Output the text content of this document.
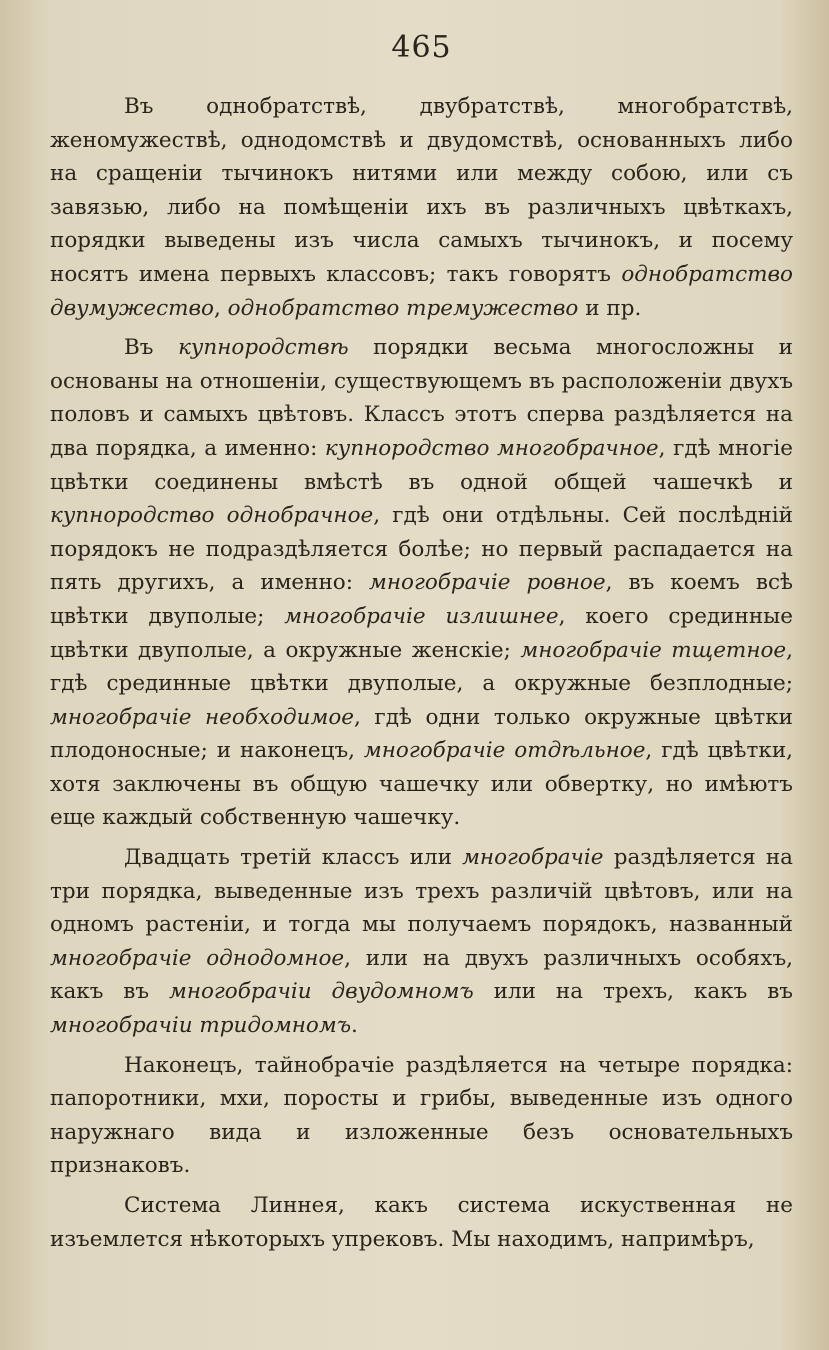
465

Въ однобратствѣ, двубратствѣ, многобратствѣ, женомужествѣ, однодомствѣ и двудомствѣ, основанныхъ либо на сращеніи тычинокъ нитями или между собою, или съ завязью, либо на помѣщеніи ихъ въ различныхъ цвѣткахъ, порядки выведены изъ числа самыхъ тычинокъ, и посему носятъ имена первыхъ классовъ; такъ говорятъ однобратство двумужество, однобратство тремужество и пр.

Въ купнородствѣ порядки весьма многосложны и основаны на отношеніи, существующемъ въ расположеніи двухъ половъ и самыхъ цвѣтовъ. Классъ этотъ сперва раздѣляется на два порядка, а именно: купнородство многобрачное, гдѣ многіе цвѣтки соединены вмѣстѣ въ одной общей чашечкѣ и купнородство однобрачное, гдѣ они отдѣльны. Сей послѣдній порядокъ не подраздѣляется болѣе; но первый распадается на пять другихъ, а именно: многобрачіе ровное, въ коемъ всѣ цвѣтки двуполые; многобрачіе излишнее, коего срединные цвѣтки двуполые, а окружные женскіе; многобрачіе тщетное, гдѣ срединные цвѣтки двуполые, а окружные безплодные; многобрачіе необходимое, гдѣ одни только окружные цвѣтки плодоносные; и наконецъ, многобрачіе отдѣльное, гдѣ цвѣтки, хотя заключены въ общую чашечку или обвертку, но имѣютъ еще каждый собственную чашечку.

Двадцать третій классъ или многобрачіе раздѣляется на три порядка, выведенные изъ трехъ различій цвѣтовъ, или на одномъ растеніи, и тогда мы получаемъ порядокъ, названный многобрачіе однодомное, или на двухъ различныхъ особяхъ, какъ въ многобрачіи двудомномъ или на трехъ, какъ въ многобрачіи тридомномъ.

Наконецъ, тайнобрачіе раздѣляется на четыре порядка: папоротники, мхи, поросты и грибы, выведенные изъ одного наружнаго вида и изложенные безъ основательныхъ признаковъ.

Система Линнея, какъ система искуственная не изъемлется нѣкоторыхъ упрековъ. Мы находимъ, напримѣръ,
